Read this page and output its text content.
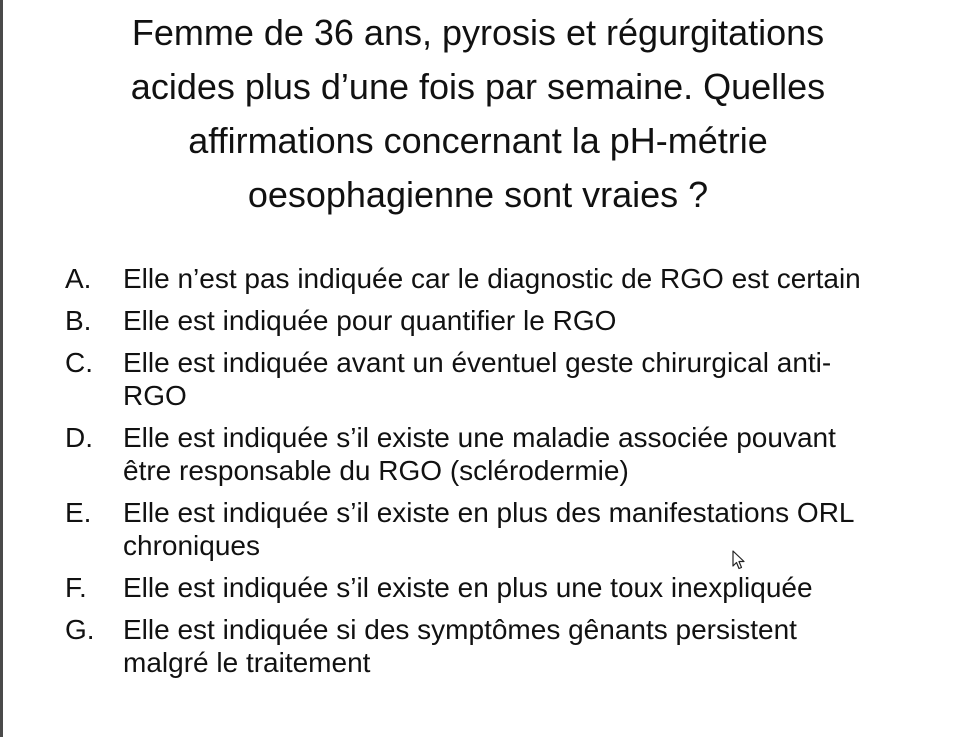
Femme de 36 ans, pyrosis et régurgitations
acides plus d’une fois par semaine. Quelles
affirmations concernant la pH-métrie
oesophagienne sont vraies ?
A. Elle n’est pas indiquée car le diagnostic de RGO est certain
B. Elle est indiquée pour quantifier le RGO
C. Elle est indiquée avant un éventuel geste chirurgical anti-
RGO
D. Elle est indiquée s’il existe une maladie associée pouvant
être responsable du RGO (sclérodermie)
E. Elle est indiquée s’il existe en plus des manifestations ORL
chroniques
F. Elle est indiquée s’il existe en plus une toux inexpliquée
G. Elle est indiquée si des symptômes gênants persistent
malgré le traitement
